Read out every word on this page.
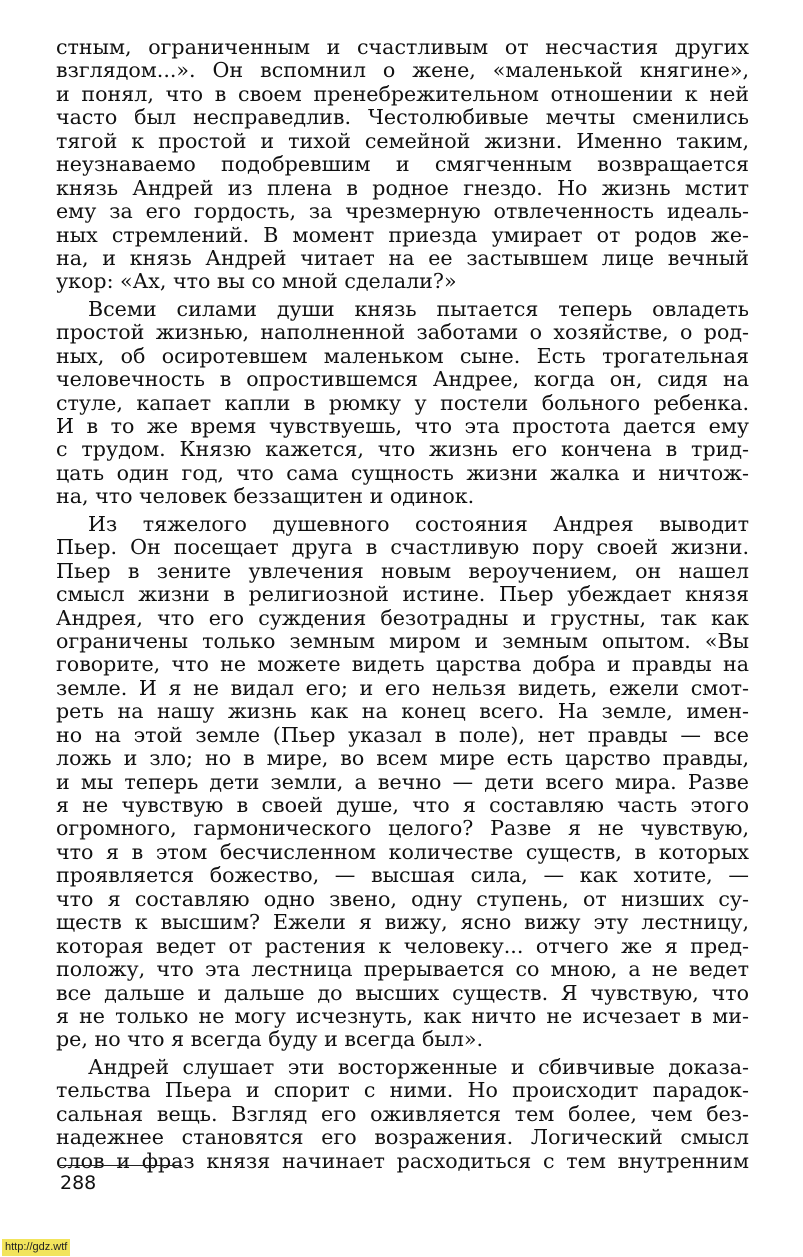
стным, ограниченным и счастливым от несчастия других
взглядом...». Он вспомнил о жене, «маленькой княгине»,
и понял, что в своем пренебрежительном отношении к ней
часто был несправедлив. Честолюбивые мечты сменились
тягой к простой и тихой семейной жизни. Именно таким,
неузнаваемо подобревшим и смягченным возвращается
князь Андрей из плена в родное гнездо. Но жизнь мстит
ему за его гордость, за чрезмерную отвлеченность идеаль-
ных стремлений. В момент приезда умирает от родов же-
на, и князь Андрей читает на ее застывшем лице вечный
укор: «Ах, что вы со мной сделали?»
Всеми силами души князь пытается теперь овладеть
простой жизнью, наполненной заботами о хозяйстве, о род-
ных, об осиротевшем маленьком сыне. Есть трогательная
человечность в опростившемся Андрее, когда он, сидя на
стуле, капает капли в рюмку у постели больного ребенка.
И в то же время чувствуешь, что эта простота дается ему
с трудом. Князю кажется, что жизнь его кончена в трид-
цать один год, что сама сущность жизни жалка и ничтож-
на, что человек беззащитен и одинок.
Из тяжелого душевного состояния Андрея выводит
Пьер. Он посещает друга в счастливую пору своей жизни.
Пьер в зените увлечения новым вероучением, он нашел
смысл жизни в религиозной истине. Пьер убеждает князя
Андрея, что его суждения безотрадны и грустны, так как
ограничены только земным миром и земным опытом. «Вы
говорите, что не можете видеть царства добра и правды на
земле. И я не видал его; и его нельзя видеть, ежели смот-
реть на нашу жизнь как на конец всего. На земле, имен-
но на этой земле (Пьер указал в поле), нет правды — все
ложь и зло; но в мире, во всем мире есть царство правды,
и мы теперь дети земли, а вечно — дети всего мира. Разве
я не чувствую в своей душе, что я составляю часть этого
огромного, гармонического целого? Разве я не чувствую,
что я в этом бесчисленном количестве существ, в которых
проявляется божество, — высшая сила, — как хотите, —
что я составляю одно звено, одну ступень, от низших су-
ществ к высшим? Ежели я вижу, ясно вижу эту лестницу,
которая ведет от растения к человеку... отчего же я пред-
положу, что эта лестница прерывается со мною, а не ведет
все дальше и дальше до высших существ. Я чувствую, что
я не только не могу исчезнуть, как ничто не исчезает в ми-
ре, но что я всегда буду и всегда был».
Андрей слушает эти восторженные и сбивчивые доказа-
тельства Пьера и спорит с ними. Но происходит парадок-
сальная вещь. Взгляд его оживляется тем более, чем без-
надежнее становятся его возражения. Логический смысл
слов и фраз князя начинает расходиться с тем внутренним
288
http://gdz.wtf
